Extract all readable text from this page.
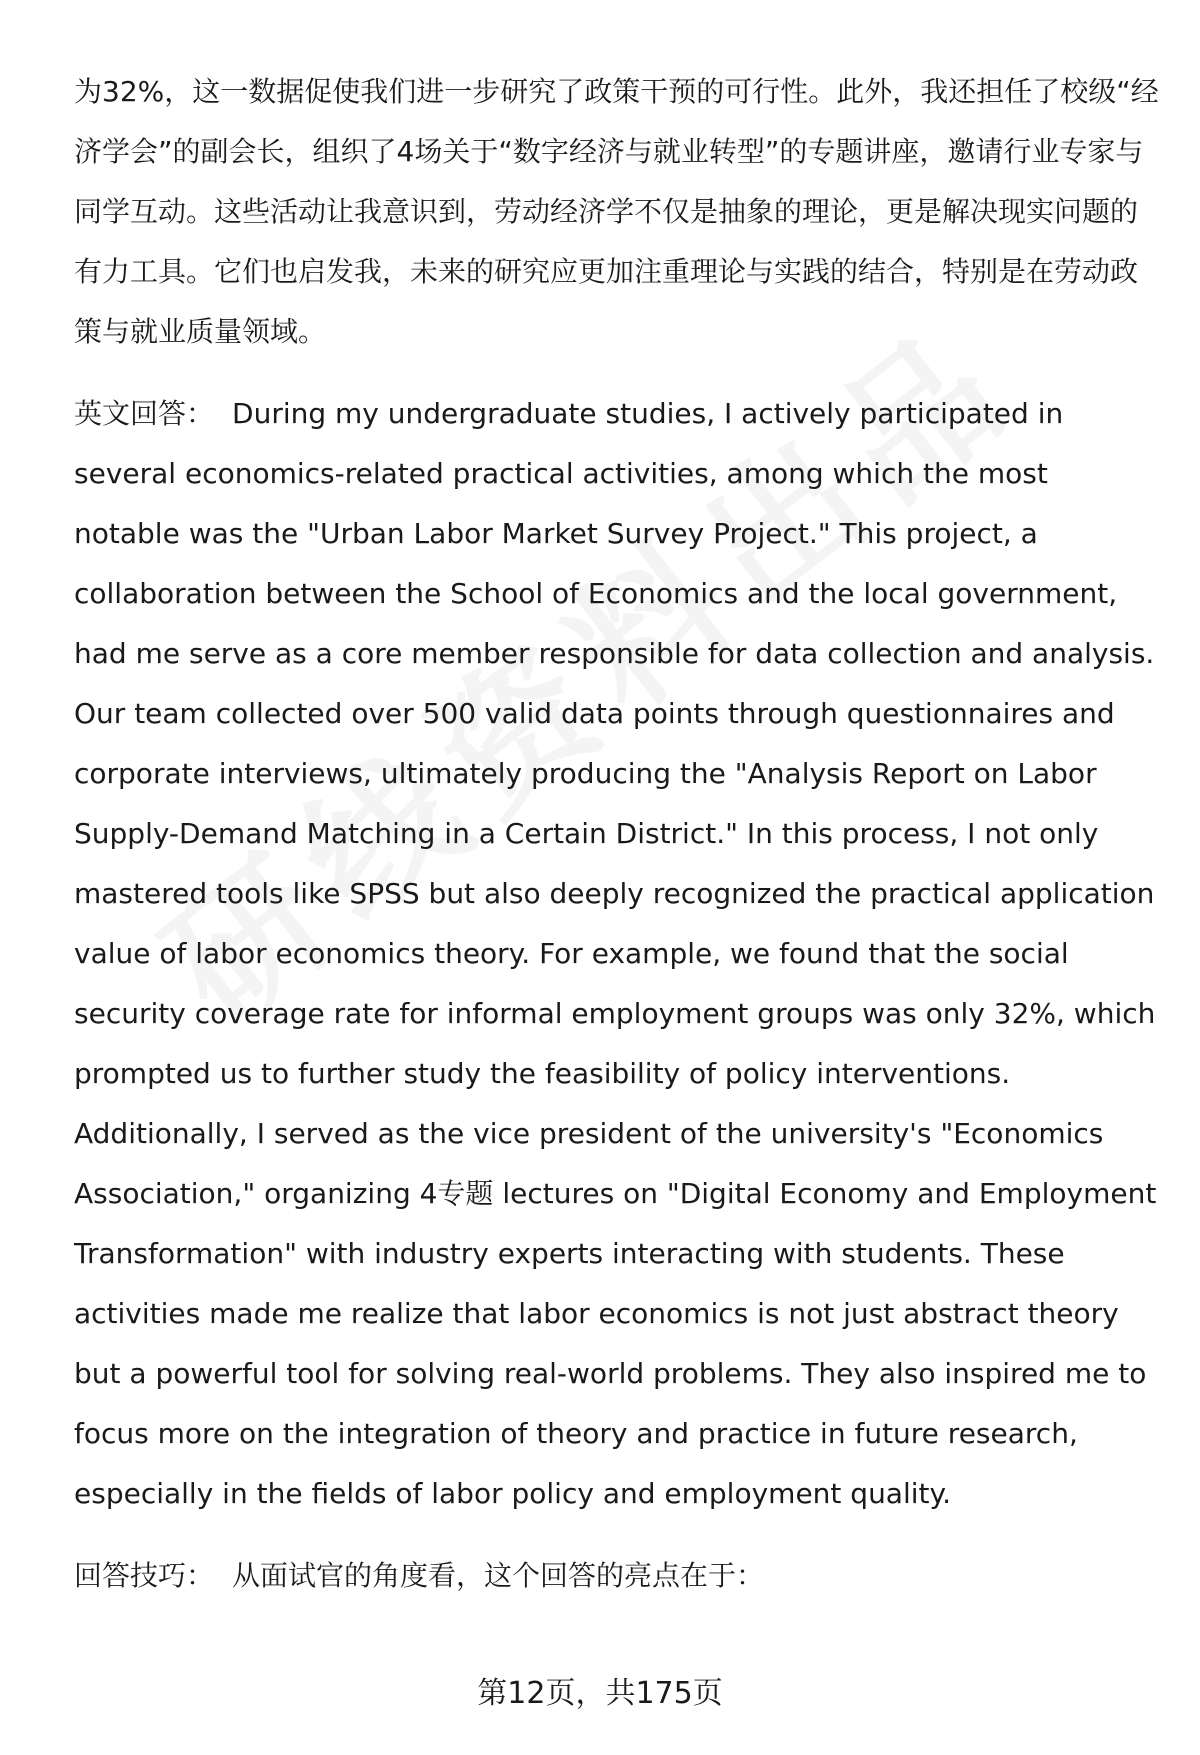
为32%，这一数据促使我们进一步研究了政策干预的可行性。此外，我还担任了校级“经济学会”的副会长，组织了4场关于“数字经济与就业转型”的专题讲座，邀请行业专家与同学互动。这些活动让我意识到，劳动经济学不仅是抽象的理论，更是解决现实问题的有力工具。它们也启发我，未来的研究应更加注重理论与实践的结合，特别是在劳动政策与就业质量领域。

英文回答： During my undergraduate studies, I actively participated in several economics-related practical activities, among which the most notable was the "Urban Labor Market Survey Project." This project, a collaboration between the School of Economics and the local government, had me serve as a core member responsible for data collection and analysis. Our team collected over 500 valid data points through questionnaires and corporate interviews, ultimately producing the "Analysis Report on Labor Supply-Demand Matching in a Certain District." In this process, I not only mastered tools like SPSS but also deeply recognized the practical application value of labor economics theory. For example, we found that the social security coverage rate for informal employment groups was only 32%, which prompted us to further study the feasibility of policy interventions. Additionally, I served as the vice president of the university's "Economics Association," organizing 4专题 lectures on "Digital Economy and Employment Transformation" with industry experts interacting with students. These activities made me realize that labor economics is not just abstract theory but a powerful tool for solving real-world problems. They also inspired me to focus more on the integration of theory and practice in future research, especially in the fields of labor policy and employment quality.

回答技巧： 从面试官的角度看，这个回答的亮点在于：

第12页，共175页
